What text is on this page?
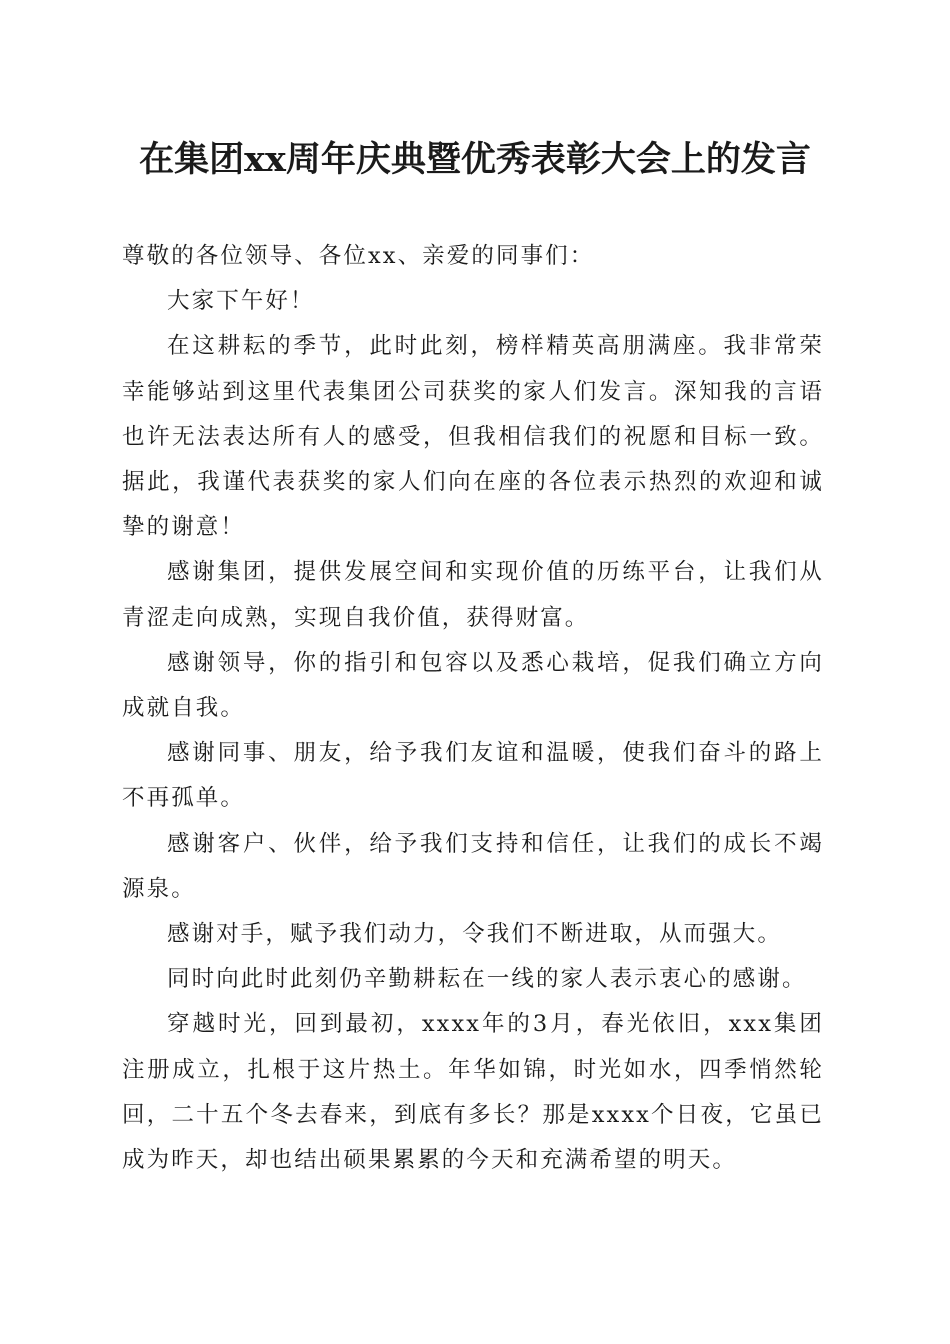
在集团xx周年庆典暨优秀表彰大会上的发言

尊敬的各位领导、各位xx、亲爱的同事们：

大家下午好！

在这耕耘的季节，此时此刻，榜样精英高朋满座。我非常荣幸能够站到这里代表集团公司获奖的家人们发言。深知我的言语也许无法表达所有人的感受，但我相信我们的祝愿和目标一致。据此，我谨代表获奖的家人们向在座的各位表示热烈的欢迎和诚挚的谢意！

感谢集团，提供发展空间和实现价值的历练平台，让我们从青涩走向成熟，实现自我价值，获得财富。

感谢领导，你的指引和包容以及悉心栽培，促我们确立方向成就自我。

感谢同事、朋友，给予我们友谊和温暖，使我们奋斗的路上不再孤单。

感谢客户、伙伴，给予我们支持和信任，让我们的成长不竭源泉。

感谢对手，赋予我们动力，令我们不断进取，从而强大。

同时向此时此刻仍辛勤耕耘在一线的家人表示衷心的感谢。

穿越时光，回到最初，xxxx年的3月，春光依旧，xxx集团注册成立，扎根于这片热土。年华如锦，时光如水，四季悄然轮回，二十五个冬去春来，到底有多长？那是xxxx个日夜，它虽已成为昨天，却也结出硕果累累的今天和充满希望的明天。
